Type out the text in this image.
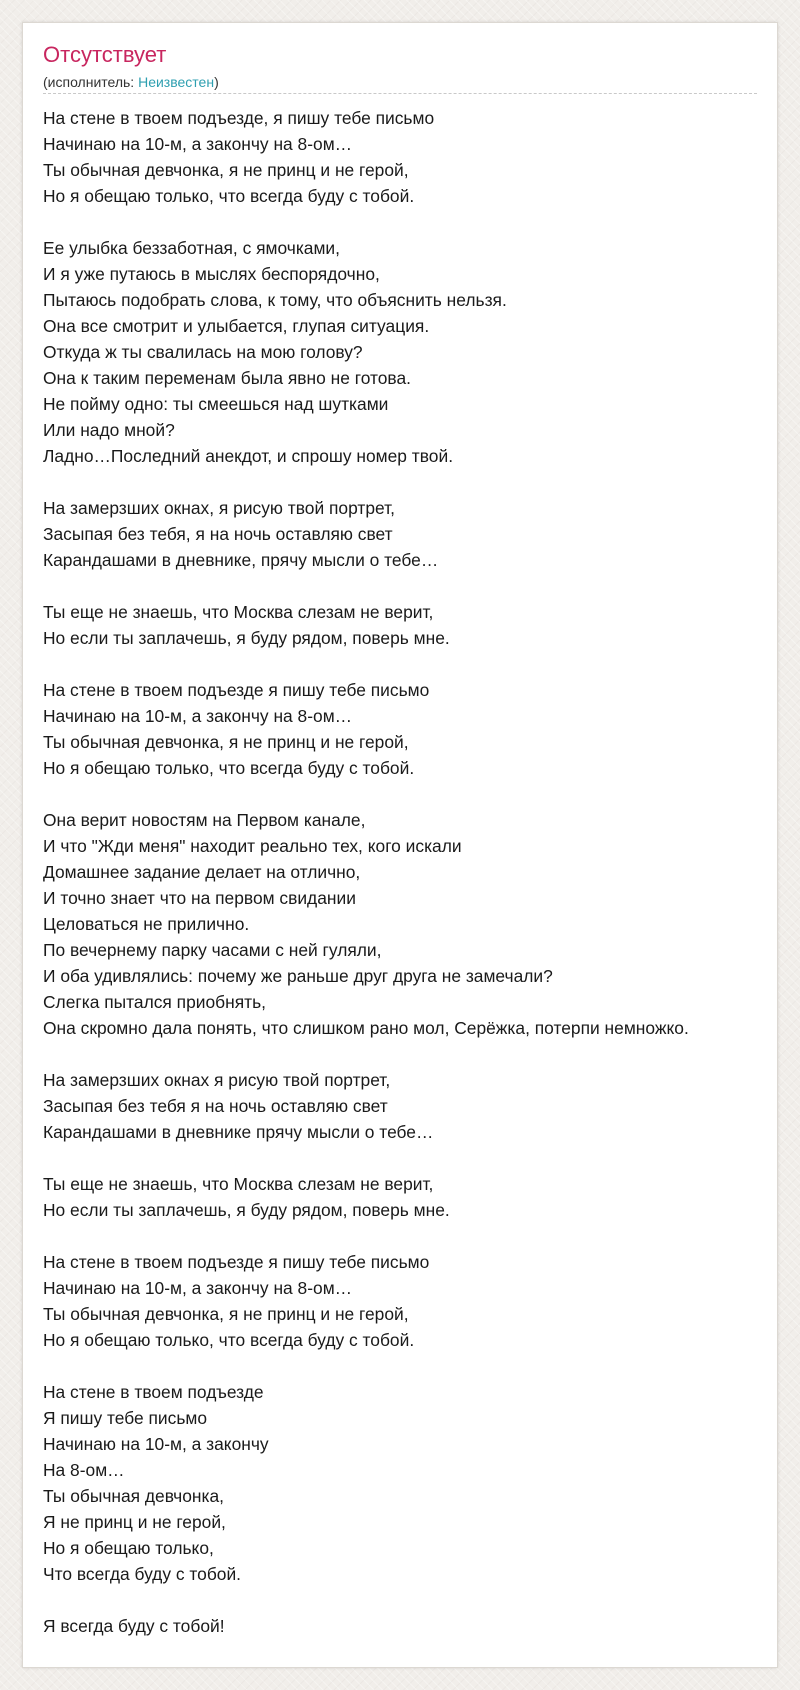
Отсутствует
(исполнитель: Неизвестен)
На стене в твоем подъезде, я пишу тебе письмо
Начинаю на 10-м, а закончу на 8-ом…
Ты обычная девчонка, я не принц и не герой,
Но я обещаю только, что всегда буду с тобой.
Ее улыбка беззаботная, с ямочками,
И я уже путаюсь в мыслях беспорядочно,
Пытаюсь подобрать слова, к тому, что объяснить нельзя.
Она все смотрит и улыбается, глупая ситуация.
Откуда ж ты свалилась на мою голову?
Она к таким переменам была явно не готова.
Не пойму одно: ты смеешься над шутками
Или надо мной?
Ладно…Последний анекдот, и спрошу номер твой.
На замерзших окнах, я рисую твой портрет,
Засыпая без тебя, я на ночь оставляю свет
Карандашами в дневнике, прячу мысли о тебе…
Ты еще не знаешь, что Москва слезам не верит,
Но если ты заплачешь, я буду рядом, поверь мне.
На стене в твоем подъезде я пишу тебе письмо
Начинаю на 10-м, а закончу на 8-ом…
Ты обычная девчонка, я не принц и не герой,
Но я обещаю только, что всегда буду с тобой.
Она верит новостям на Первом канале,
И что "Жди меня" находит реально тех, кого искали
Домашнее задание делает на отлично,
И точно знает что на первом свидании
Целоваться не прилично.
По вечернему парку часами с ней гуляли,
И оба удивлялись: почему же раньше друг друга не замечали?
Слегка пытался приобнять,
Она скромно дала понять, что слишком рано мол, Серёжка, потерпи немножко.
На замерзших окнах я рисую твой портрет,
Засыпая без тебя я на ночь оставляю свет
Карандашами в дневнике прячу мысли о тебе…
Ты еще не знаешь, что Москва слезам не верит,
Но если ты заплачешь, я буду рядом, поверь мне.
На стене в твоем подъезде я пишу тебе письмо
Начинаю на 10-м, а закончу на 8-ом…
Ты обычная девчонка, я не принц и не герой,
Но я обещаю только, что всегда буду с тобой.
На стене в твоем подъезде
Я пишу тебе письмо
Начинаю на 10-м, а закончу
На 8-ом…
Ты обычная девчонка,
Я не принц и не герой,
Но я обещаю только,
Что всегда буду с тобой.
Я всегда буду с тобой!
